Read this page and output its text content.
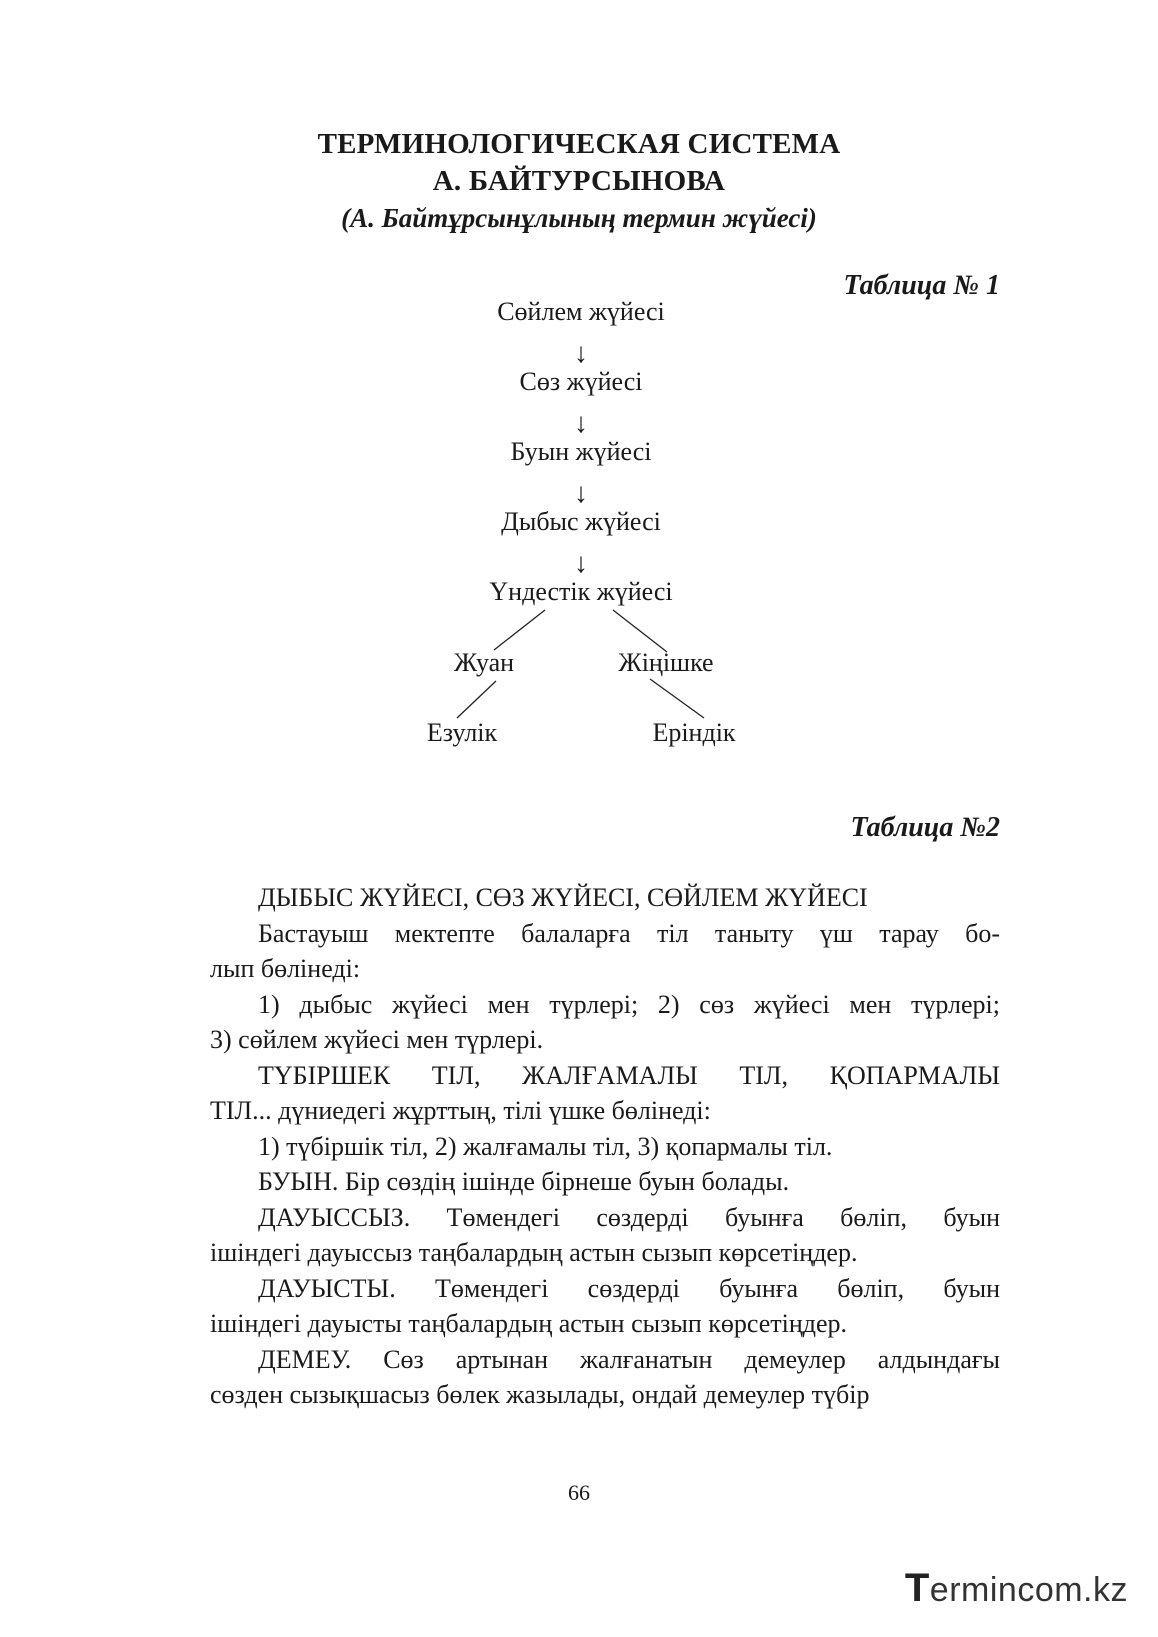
ТЕРМИНОЛОГИЧЕСКАЯ СИСТЕМА
А. БАЙТУРСЫНОВА
(А. Байтұрсынұлының термин жүйесі)
Таблица № 1
Сөйлем жүйесі
↓
Сөз жүйесі
↓
Буын жүйесі
↓
Дыбыс жүйесі
↓
Үндестік жүйесі
Жуан	Жіңішке
Езулік	Еріндік
Таблица №2
ДЫБЫС ЖҮЙЕСІ, СӨЗ ЖҮЙЕСІ, СӨЙЛЕМ ЖҮЙЕСІ
Бастауыш мектепте балаларға тіл таныту үш тарау бо-
лып бөлінеді:
1) дыбыс жүйесі мен түрлері; 2) сөз жүйесі мен түрлері;
3) сөйлем жүйесі мен түрлері.
ТҮБІРШЕК ТІЛ, ЖАЛҒАМАЛЫ ТІЛ, ҚОПАРМАЛЫ
ТІЛ... дүниедегі жұрттың, тілі үшке бөлінеді:
1) түбіршік тіл, 2) жалғамалы тіл, 3) қопармалы тіл.
БУЫН. Бір сөздің ішінде бірнеше буын болады.
ДАУЫССЫЗ. Төмендегі сөздерді буынға бөліп, буын
ішіндегі дауыссыз таңбалардың астын сызып көрсетіңдер.
ДАУЫСТЫ. Төмендегі сөздерді буынға бөліп, буын
ішіндегі дауысты таңбалардың астын сызып көрсетіңдер.
ДЕМЕУ. Сөз артынан жалғанатын демеулер алдындағы
сөзден сызықшасыз бөлек жазылады, ондай демеулер түбір
66
Termincom.kz
